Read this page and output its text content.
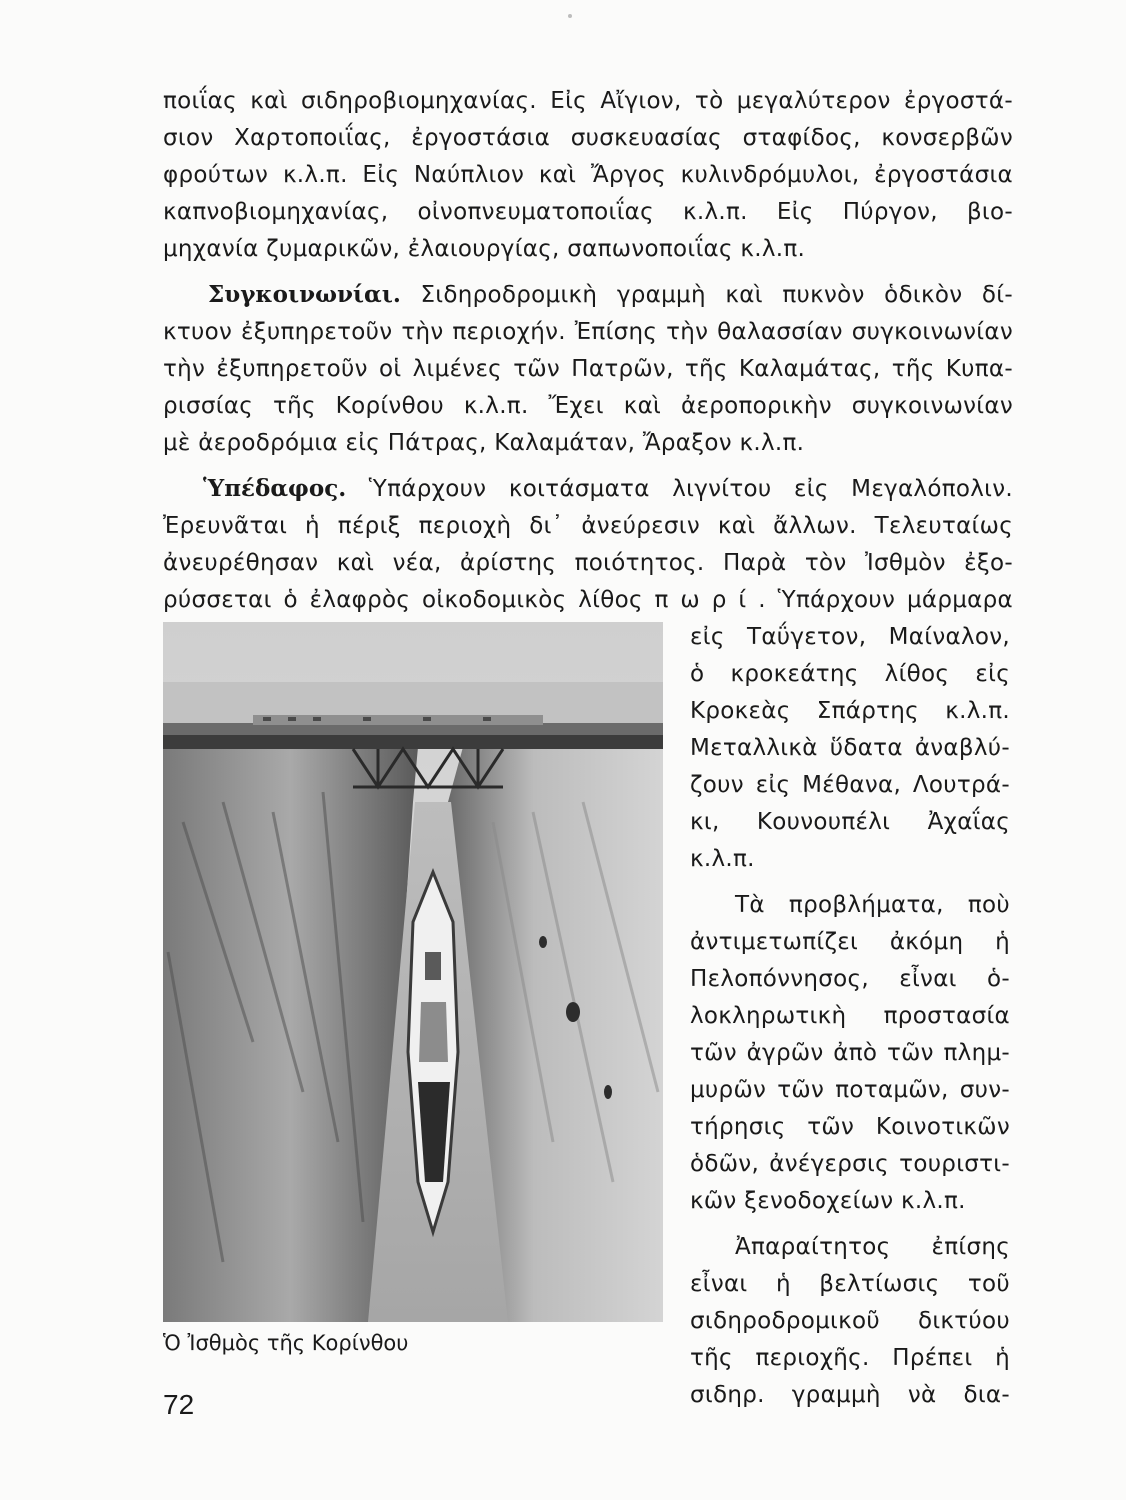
ποιΐας καὶ σιδηροβιομηχανίας. Εἰς Αἴγιον, τὸ μεγαλύτερον ἐργοστά-
σιον Χαρτοποιΐας, ἐργοστάσια συσκευασίας σταφίδος, κονσερβῶν
φρούτων κ.λ.π. Εἰς Ναύπλιον καὶ Ἄργος κυλινδρόμυλοι, ἐργοστάσια
καπνοβιομηχανίας, οἰνοπνευματοποιΐας κ.λ.π. Εἰς Πύργον, βιο-
μηχανία ζυμαρικῶν, ἐλαιουργίας, σαπωνοποιΐας κ.λ.π.
Συγκοινωνίαι. Σιδηροδρομικὴ γραμμὴ καὶ πυκνὸν ὁδικὸν δί-
κτυον ἐξυπηρετοῦν τὴν περιοχήν. Ἐπίσης τὴν θαλασσίαν συγκοινωνίαν
τὴν ἐξυπηρετοῦν οἱ λιμένες τῶν Πατρῶν, τῆς Καλαμάτας, τῆς Κυπα-
ρισσίας τῆς Κορίνθου κ.λ.π. Ἔχει καὶ ἀεροπορικὴν συγκοινωνίαν
μὲ ἀεροδρόμια εἰς Πάτρας, Καλαμάταν, Ἄραξον κ.λ.π.
Ὑπέδαφος. Ὑπάρχουν κοιτάσματα λιγνίτου εἰς Μεγαλόπολιν.
Ἐρευνᾶται ἡ πέριξ περιοχὴ δι᾽ ἀνεύρεσιν καὶ ἄλλων. Τελευταίως
ἀνευρέθησαν καὶ νέα, ἀρίστης ποιότητος. Παρὰ τὸν Ἰσθμὸν ἐξο-
ρύσσεται ὁ ἐλαφρὸς οἰκοδομικὸς λίθος π ω ρ ί . Ὑπάρχουν μάρμαρα
εἰς Ταΰγετον, Μαίναλον,
ὁ κροκεάτης λίθος εἰς
Κροκεὰς Σπάρτης κ.λ.π.
Μεταλλικὰ ὕδατα ἀναβλύ-
ζουν εἰς Μέθανα, Λουτρά-
κι, Κουνουπέλι Ἀχαΐας
κ.λ.π.
Τὰ προβλήματα, ποὺ
ἀντιμετωπίζει ἀκόμη ἡ
Πελοπόννησος, εἶναι ὁ-
λοκληρωτικὴ προστασία
τῶν ἀγρῶν ἀπὸ τῶν πλημ-
μυρῶν τῶν ποταμῶν, συν-
τήρησις τῶν Κοινοτικῶν
ὁδῶν, ἀνέγερσις τουριστι-
κῶν ξενοδοχείων κ.λ.π.
Ἀπαραίτητος ἐπίσης
εἶναι ἡ βελτίωσις τοῦ
σιδηροδρομικοῦ δικτύου
τῆς περιοχῆς. Πρέπει ἡ
σιδηρ. γραμμὴ νὰ δια-
Ὁ Ἰσθμὸς τῆς Κορίνθου
72
